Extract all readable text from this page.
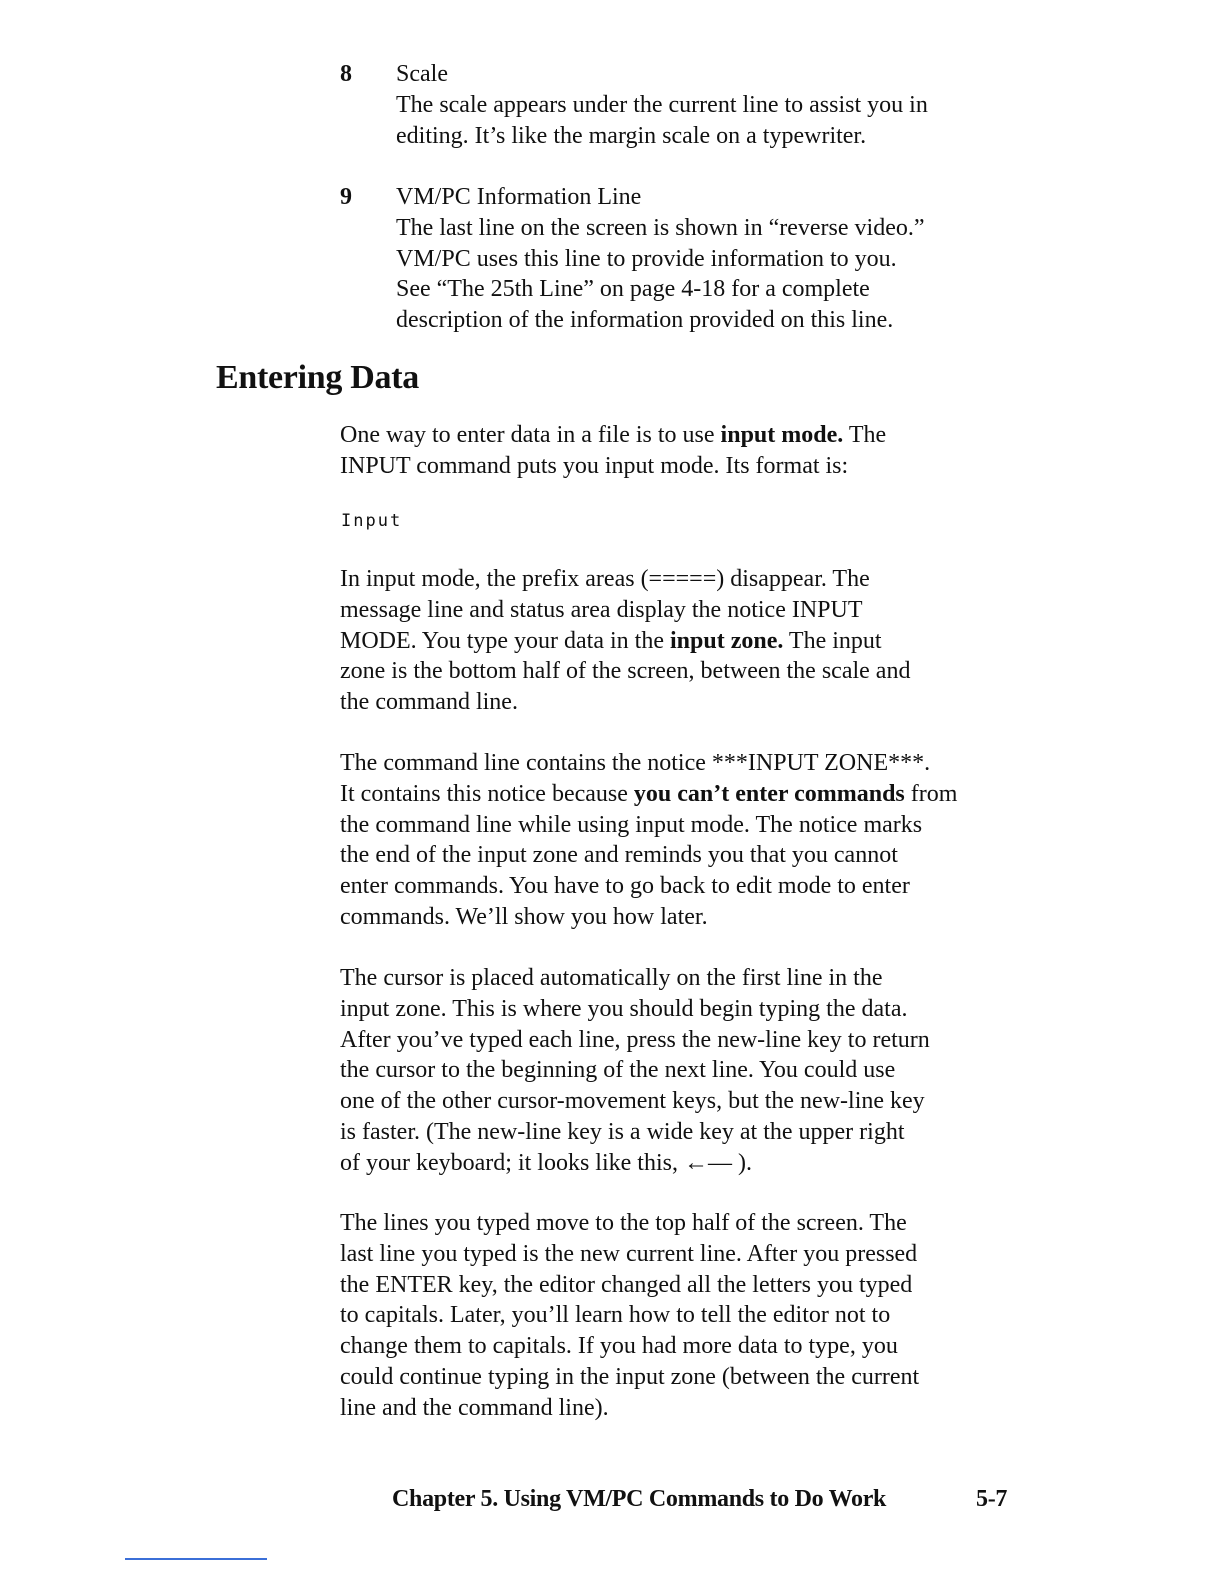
8	Scale

The scale appears under the current line to assist you in

editing. It’s like the margin scale on a typewriter.

9	VM/PC Information Line

The last line on the screen is shown in “reverse video.”

VM/PC uses this line to provide information to you.

See “The 25th Line” on page 4-18 for a complete

description of the information provided on this line.

Entering Data
One way to enter data in a file is to use input mode. The
INPUT command puts you input mode. Its format is:
Input
In input mode, the prefix areas (=====) disappear. The
message line and status area display the notice INPUT
MODE. You type your data in the input zone. The input
zone is the bottom half of the screen, between the scale and
the command line.
The command line contains the notice ***INPUT ZONE***.
It contains this notice because you can’t enter commands from
the command line while using input mode. The notice marks
the end of the input zone and reminds you that you cannot
enter commands. You have to go back to edit mode to enter
commands. We’ll show you how later.
The cursor is placed automatically on the first line in the
input zone. This is where you should begin typing the data.
After you’ve typed each line, press the new-line key to return
the cursor to the beginning of the next line. You could use
one of the other cursor-movement keys, but the new-line key
is faster. (The new-line key is a wide key at the upper right
of your keyboard; it looks like this, ←— ).
The lines you typed move to the top half of the screen. The
last line you typed is the new current line. After you pressed
the ENTER key, the editor changed all the letters you typed
to capitals. Later, you’ll learn how to tell the editor not to
change them to capitals. If you had more data to type, you
could continue typing in the input zone (between the current
line and the command line).
Chapter 5. Using VM/PC Commands to Do Work	5-7
